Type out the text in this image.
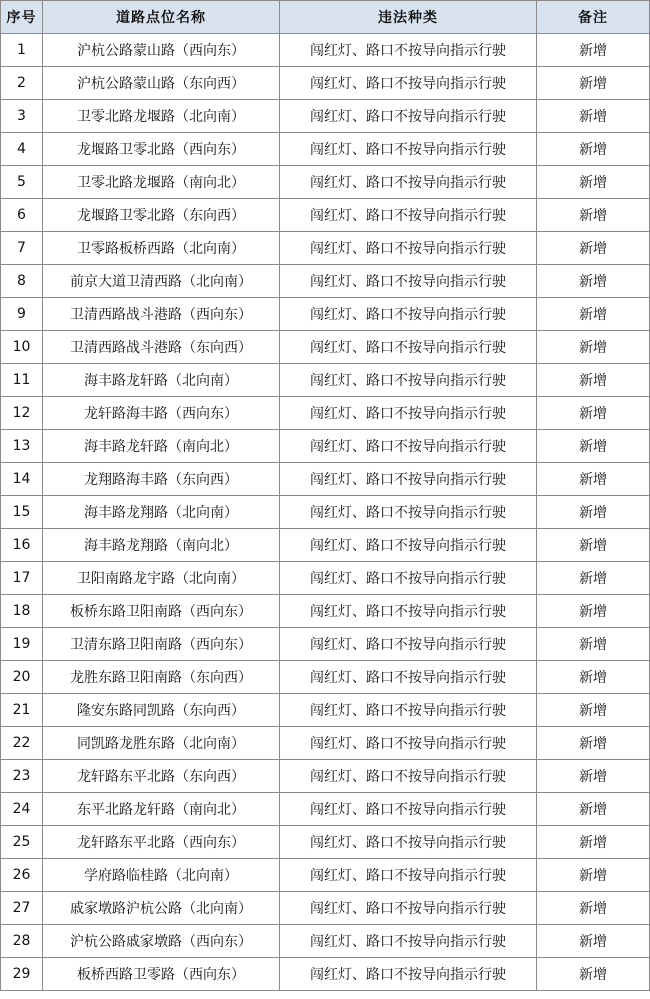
序号	道路点位名称	违法种类	备注
1	沪杭公路蒙山路（西向东）	闯红灯、路口不按导向指示行驶	新增
2	沪杭公路蒙山路（东向西）	闯红灯、路口不按导向指示行驶	新增
3	卫零北路龙堰路（北向南）	闯红灯、路口不按导向指示行驶	新增
4	龙堰路卫零北路（西向东）	闯红灯、路口不按导向指示行驶	新增
5	卫零北路龙堰路（南向北）	闯红灯、路口不按导向指示行驶	新增
6	龙堰路卫零北路（东向西）	闯红灯、路口不按导向指示行驶	新增
7	卫零路板桥西路（北向南）	闯红灯、路口不按导向指示行驶	新增
8	前京大道卫清西路（北向南）	闯红灯、路口不按导向指示行驶	新增
9	卫清西路战斗港路（西向东）	闯红灯、路口不按导向指示行驶	新增
10	卫清西路战斗港路（东向西）	闯红灯、路口不按导向指示行驶	新增
11	海丰路龙轩路（北向南）	闯红灯、路口不按导向指示行驶	新增
12	龙轩路海丰路（西向东）	闯红灯、路口不按导向指示行驶	新增
13	海丰路龙轩路（南向北）	闯红灯、路口不按导向指示行驶	新增
14	龙翔路海丰路（东向西）	闯红灯、路口不按导向指示行驶	新增
15	海丰路龙翔路（北向南）	闯红灯、路口不按导向指示行驶	新增
16	海丰路龙翔路（南向北）	闯红灯、路口不按导向指示行驶	新增
17	卫阳南路龙宇路（北向南）	闯红灯、路口不按导向指示行驶	新增
18	板桥东路卫阳南路（西向东）	闯红灯、路口不按导向指示行驶	新增
19	卫清东路卫阳南路（西向东）	闯红灯、路口不按导向指示行驶	新增
20	龙胜东路卫阳南路（东向西）	闯红灯、路口不按导向指示行驶	新增
21	隆安东路同凯路（东向西）	闯红灯、路口不按导向指示行驶	新增
22	同凯路龙胜东路（北向南）	闯红灯、路口不按导向指示行驶	新增
23	龙轩路东平北路（东向西）	闯红灯、路口不按导向指示行驶	新增
24	东平北路龙轩路（南向北）	闯红灯、路口不按导向指示行驶	新增
25	龙轩路东平北路（西向东）	闯红灯、路口不按导向指示行驶	新增
26	学府路临桂路（北向南）	闯红灯、路口不按导向指示行驶	新增
27	戚家墩路沪杭公路（北向南）	闯红灯、路口不按导向指示行驶	新增
28	沪杭公路戚家墩路（西向东）	闯红灯、路口不按导向指示行驶	新增
29	板桥西路卫零路（西向东）	闯红灯、路口不按导向指示行驶	新增
